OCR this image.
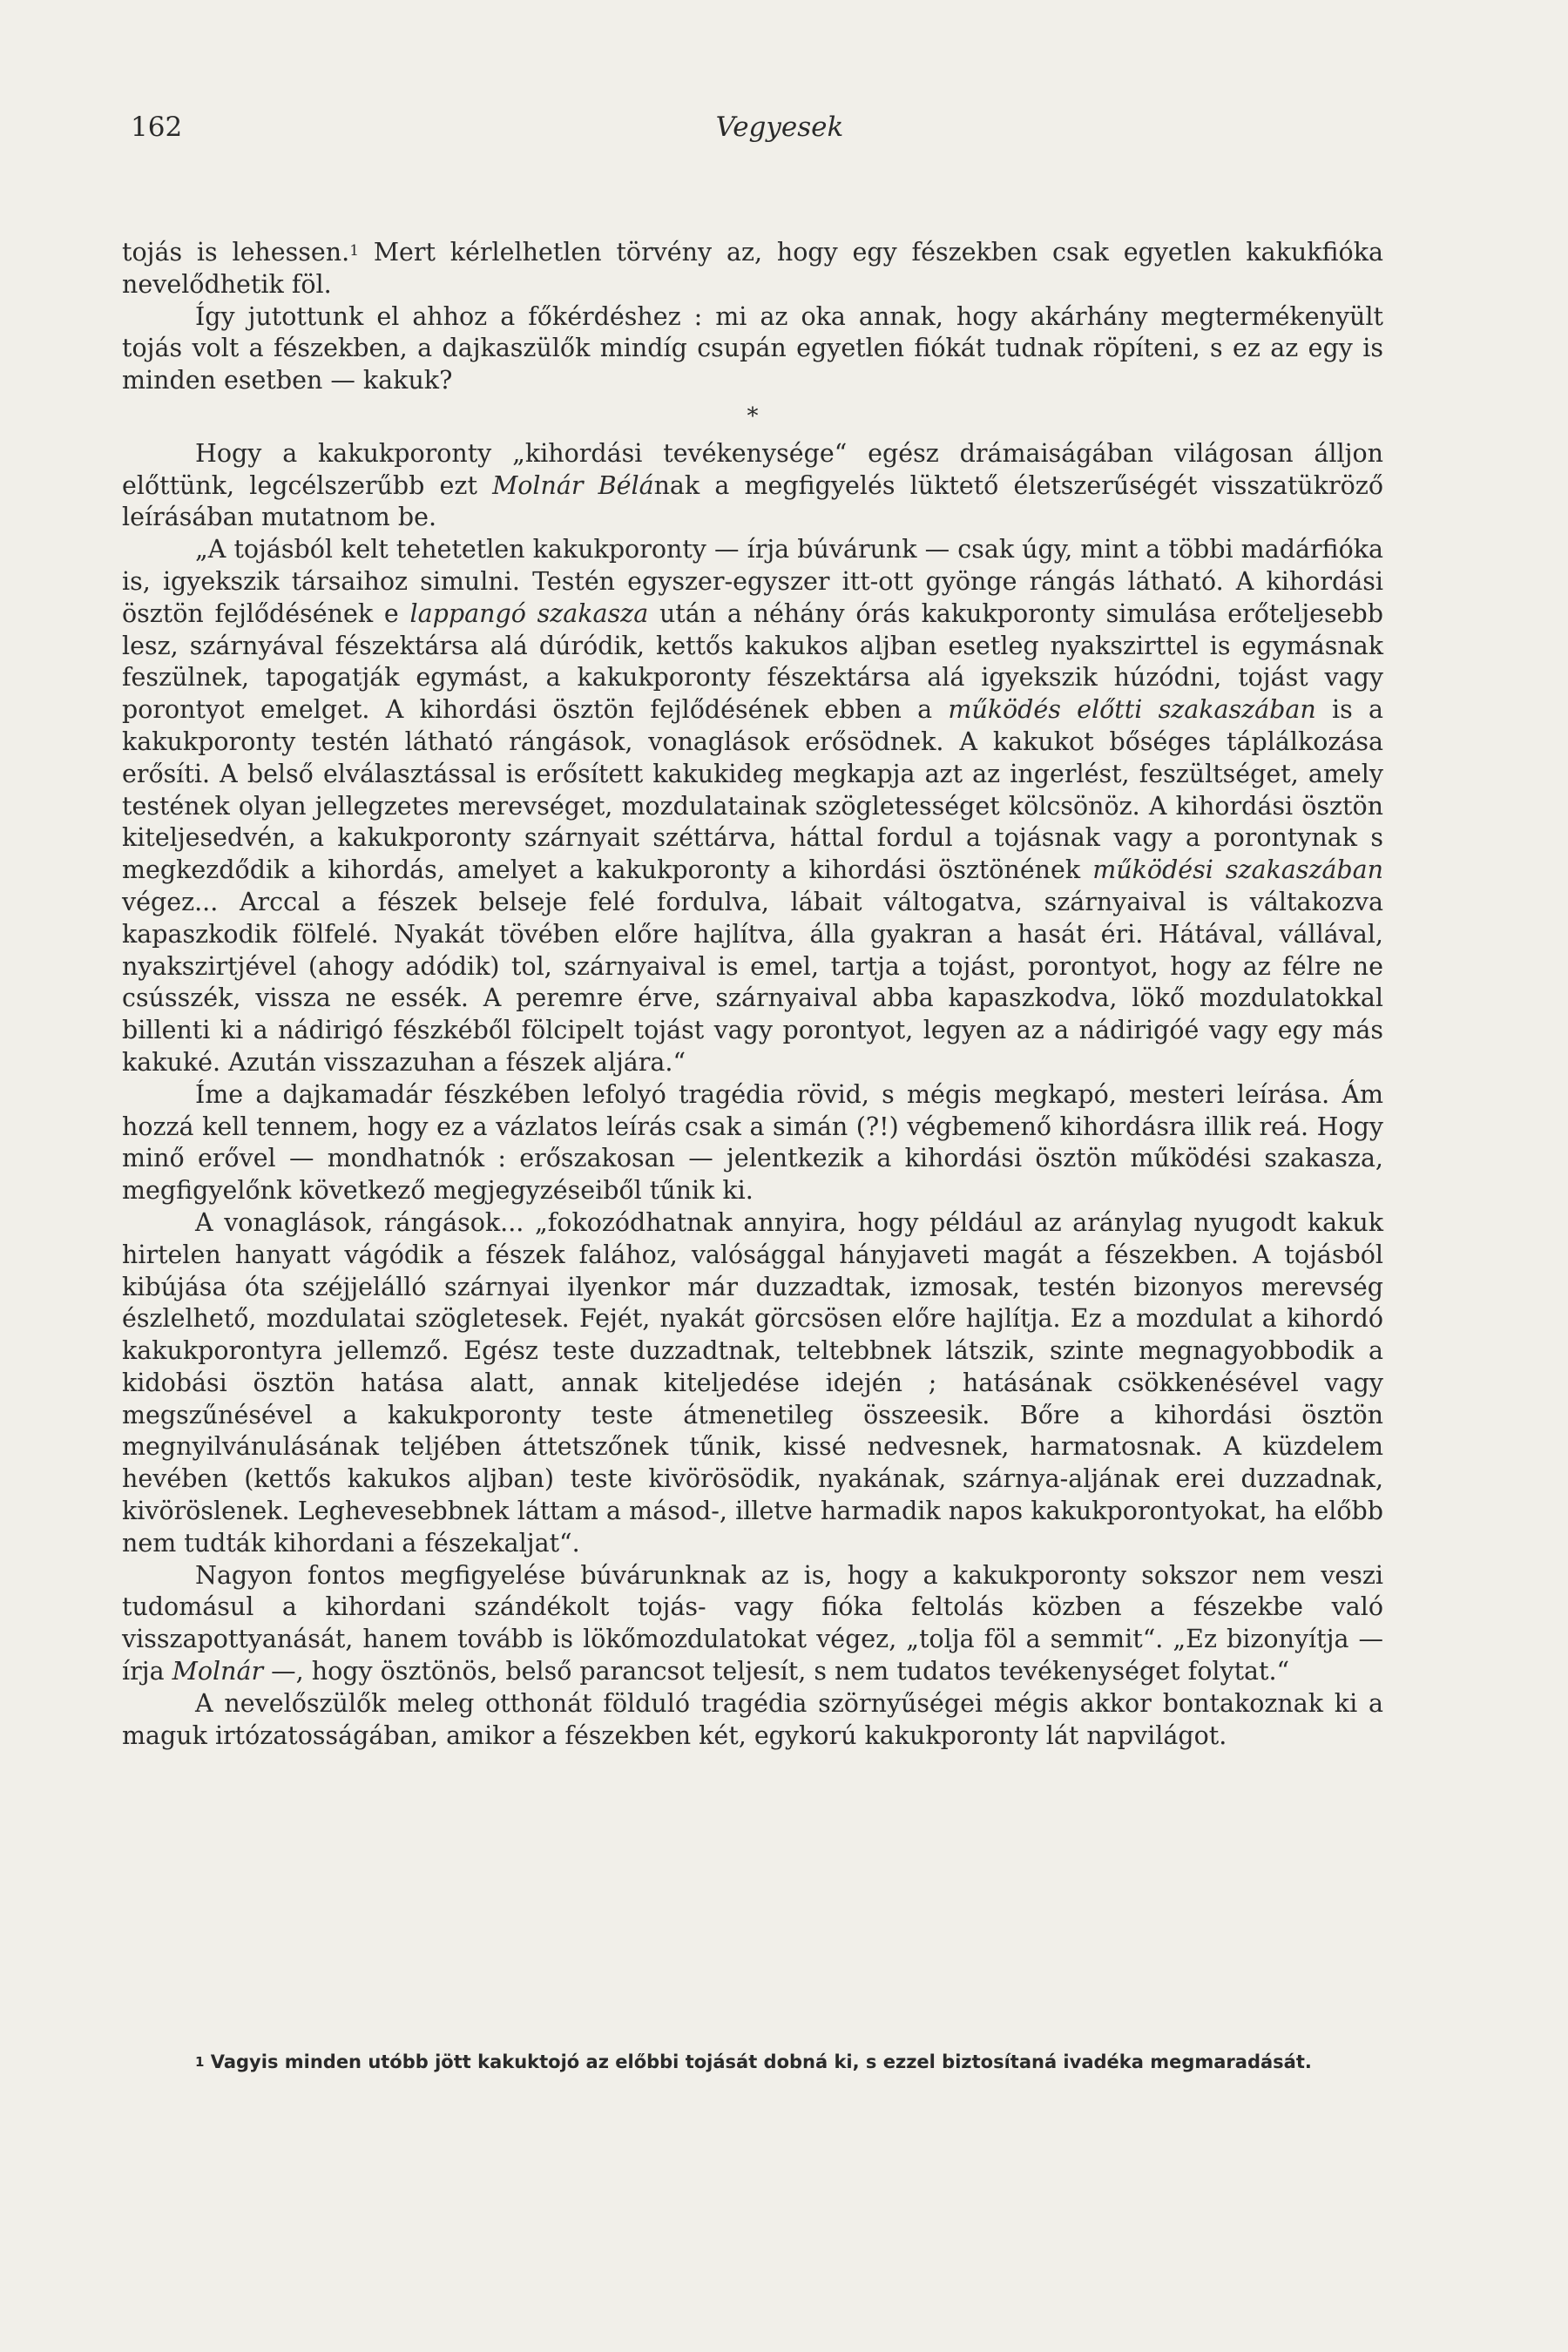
162	Vegyesek

tojás is lehessen.$^1$ Mert kérlelhetlen törvény az, hogy egy fészekben csak egyetlen kakukfióka nevelődhetik föl.

Így jutottunk el ahhoz a főkérdéshez : mi az oka annak, hogy akárhány megtermékenyült tojás volt a fészekben, a dajkaszülők mindíg csupán egyetlen fiókát tudnak röpíteni, s ez az egy is minden esetben — kakuk?

*

Hogy a kakukporonty „kihordási tevékenysége“ egész drámaiságában világosan álljon előttünk, legcélszerűbb ezt Molnár Bélának a megfigyelés lüktető életszerűségét visszatükröző leírásában mutatnom be.

„A tojásból kelt tehetetlen kakukporonty — írja búvárunk — csak úgy, mint a többi madárfióka is, igyekszik társaihoz simulni. Testén egyszer-egyszer itt-ott gyönge rángás látható. A kihordási ösztön fejlődésének e lappangó szakasza után a néhány órás kakukporonty simulása erőteljesebb lesz, szárnyával fészektársa alá dúródik, kettős kakukos aljban esetleg nyakszirttel is egymásnak feszülnek, tapogatják egymást, a kakukporonty fészektársa alá igyekszik húzódni, tojást vagy porontyot emelget. A kihordási ösztön fejlődésének ebben a működés előtti szakaszában is a kakukporonty testén látható rángások, vonaglások erősödnek. A kakukot bőséges táplálkozása erősíti. A belső elválasztással is erősített kakukideg megkapja azt az ingerlést, feszültséget, amely testének olyan jellegzetes merevséget, mozdulatainak szögletességet kölcsönöz. A kihordási ösztön kiteljesedvén, a kakukporonty szárnyait széttárva, háttal fordul a tojásnak vagy a porontynak s megkezdődik a kihordás, amelyet a kakukporonty a kihordási ösztönének működési szakaszában végez... Arccal a fészek belseje felé fordulva, lábait váltogatva, szárnyaival is váltakozva kapaszkodik fölfelé. Nyakát tövében előre hajlítva, álla gyakran a hasát éri. Hátával, vállával, nyakszirtjével (ahogy adódik) tol, szárnyaival is emel, tartja a tojást, porontyot, hogy az félre ne csússzék, vissza ne essék. A peremre érve, szárnyaival abba kapaszkodva, lökő mozdulatokkal billenti ki a nádirigó fészkéből fölcipelt tojást vagy porontyot, legyen az a nádirigóé vagy egy más kakuké. Azután visszazuhan a fészek aljára.“

Íme a dajkamadár fészkében lefolyó tragédia rövid, s mégis megkapó, mesteri leírása. Ám hozzá kell tennem, hogy ez a vázlatos leírás csak a simán (?!) végbemenő kihordásra illik reá. Hogy minő erővel — mondhatnók : erőszakosan — jelentkezik a kihordási ösztön működési szakasza, megfigyelőnk következő megjegyzéseiből tűnik ki.

A vonaglások, rángások... „fokozódhatnak annyira, hogy például az aránylag nyugodt kakuk hirtelen hanyatt vágódik a fészek falához, valósággal hányjaveti magát a fészekben. A tojásból kibújása óta széjjelálló szárnyai ilyenkor már duzzadtak, izmosak, testén bizonyos merevség észlelhető, mozdulatai szögletesek. Fejét, nyakát görcsösen előre hajlítja. Ez a mozdulat a kihordó kakukporontyra jellemző. Egész teste duzzadtnak, teltebbnek látszik, szinte megnagyobbodik a kidobási ösztön hatása alatt, annak kiteljedése idején ; hatásának csökkenésével vagy megszűnésével a kakukporonty teste átmenetileg összeesik. Bőre a kihordási ösztön megnyilvánulásának teljében áttetszőnek tűnik, kissé nedvesnek, harmatosnak. A küzdelem hevében (kettős kakukos aljban) teste kivörösödik, nyakának, szárnya-aljának erei duzzadnak, kivöröslenek. Leghevesebbnek láttam a másod-, illetve harmadik napos kakukporontyokat, ha előbb nem tudták kihordani a fészekaljat“.

Nagyon fontos megfigyelése búvárunknak az is, hogy a kakukporonty sokszor nem veszi tudomásul a kihordani szándékolt tojás- vagy fióka feltolás közben a fészekbe való visszapottyanását, hanem tovább is lökőmozdulatokat végez, „tolja föl a semmit“. „Ez bizonyítja — írja Molnár —, hogy ösztönös, belső parancsot teljesít, s nem tudatos tevékenységet folytat.“

A nevelőszülők meleg otthonát földuló tragédia szörnyűségei mégis akkor bontakoznak ki a maguk irtózatosságában, amikor a fészekben két, egykorú kakukporonty lát napvilágot.

$^1$ Vagyis minden utóbb jött kakuktojó az előbbi tojását dobná ki, s ezzel biztosítaná ivadéka megmaradását.
